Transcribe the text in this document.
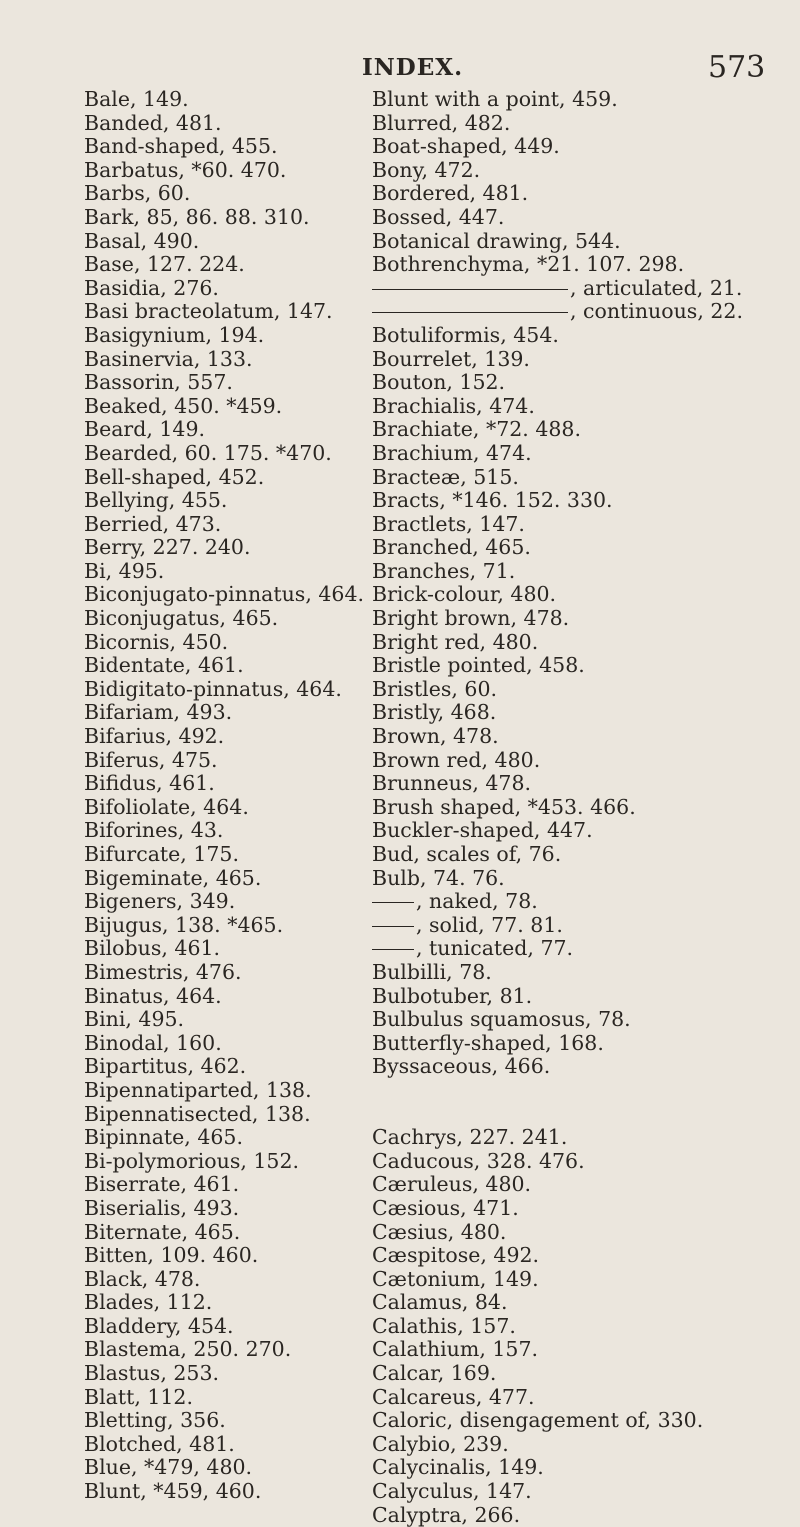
INDEX.	573
Bale, 149.
Banded, 481.
Band-shaped, 455.
Barbatus, *60. 470.
Barbs, 60.
Bark, 85, 86. 88. 310.
Basal, 490.
Base, 127. 224.
Basidia, 276.
Basi bracteolatum, 147.
Basigynium, 194.
Basinervia, 133.
Bassorin, 557.
Beaked, 450. *459.
Beard, 149.
Bearded, 60. 175. *470.
Bell-shaped, 452.
Bellying, 455.
Berried, 473.
Berry, 227. 240.
Bi, 495.
Biconjugato-pinnatus, 464.
Biconjugatus, 465.
Bicornis, 450.
Bidentate, 461.
Bidigitato-pinnatus, 464.
Bifariam, 493.
Bifarius, 492.
Biferus, 475.
Bifidus, 461.
Bifoliolate, 464.
Biforines, 43.
Bifurcate, 175.
Bigeminate, 465.
Bigeners, 349.
Bijugus, 138. *465.
Bilobus, 461.
Bimestris, 476.
Binatus, 464.
Bini, 495.
Binodal, 160.
Bipartitus, 462.
Bipennatiparted, 138.
Bipennatisected, 138.
Bipinnate, 465.
Bi-polymorious, 152.
Biserrate, 461.
Biserialis, 493.
Biternate, 465.
Bitten, 109. 460.
Black, 478.
Blades, 112.
Bladdery, 454.
Blastema, 250. 270.
Blastus, 253.
Blatt, 112.
Bletting, 356.
Blotched, 481.
Blue, *479, 480.
Blunt, *459, 460.
Blunt with a point, 459.
Blurred, 482.
Boat-shaped, 449.
Bony, 472.
Bordered, 481.
Bossed, 447.
Botanical drawing, 544.
Bothrenchyma, *21. 107. 298.
, articulated, 21.
, continuous, 22.
Botuliformis, 454.
Bourrelet, 139.
Bouton, 152.
Brachialis, 474.
Brachiate, *72. 488.
Brachium, 474.
Bracteæ, 515.
Bracts, *146. 152. 330.
Bractlets, 147.
Branched, 465.
Branches, 71.
Brick-colour, 480.
Bright brown, 478.
Bright red, 480.
Bristle pointed, 458.
Bristles, 60.
Bristly, 468.
Brown, 478.
Brown red, 480.
Brunneus, 478.
Brush shaped, *453. 466.
Buckler-shaped, 447.
Bud, scales of, 76.
Bulb, 74. 76.
, naked, 78.
, solid, 77. 81.
, tunicated, 77.
Bulbilli, 78.
Bulbotuber, 81.
Bulbulus squamosus, 78.
Butterfly-shaped, 168.
Byssaceous, 466.
Cachrys, 227. 241.
Caducous, 328. 476.
Cæruleus, 480.
Cæsious, 471.
Cæsius, 480.
Cæspitose, 492.
Cætonium, 149.
Calamus, 84.
Calathis, 157.
Calathium, 157.
Calcar, 169.
Calcareus, 477.
Caloric, disengagement of, 330.
Calybio, 239.
Calycinalis, 149.
Calyculus, 147.
Calyptra, 266.
